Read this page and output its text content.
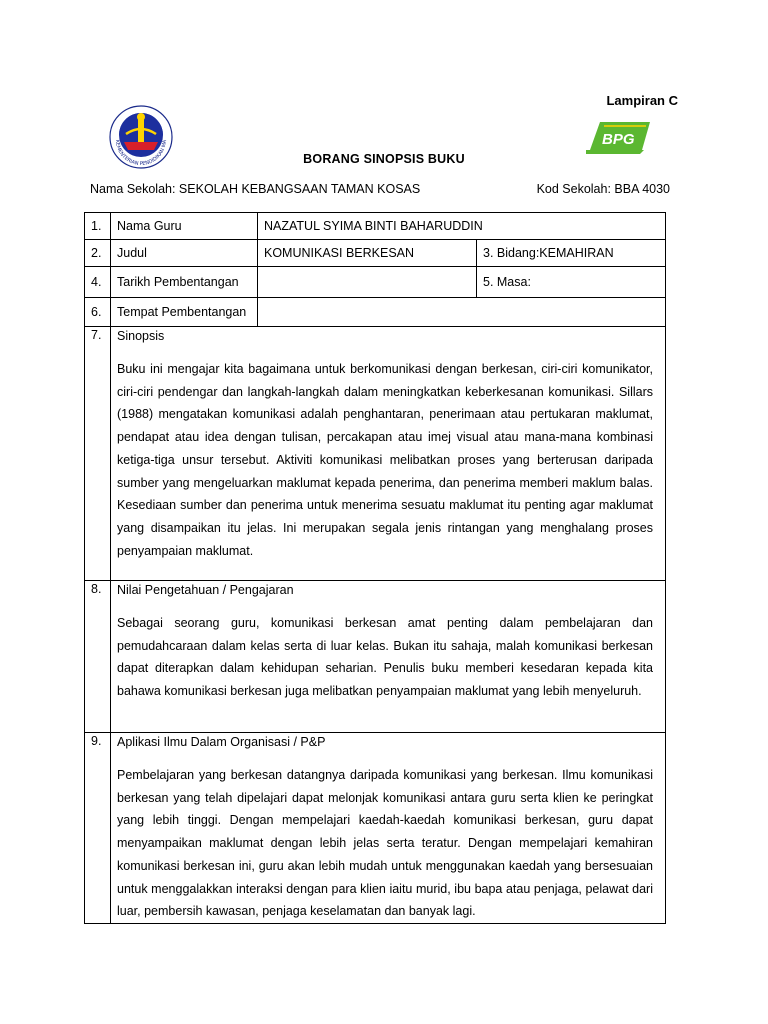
Lampiran C
KEMENTERIAN PENDIDIKAN MA	BPG
BORANG SINOPSIS BUKU
Nama Sekolah: SEKOLAH KEBANGSAAN TAMAN KOSAS	Kod Sekolah: BBA 4030
1.	Nama Guru	NAZATUL SYIMA BINTI BAHARUDDIN	
2.	Judul	KOMUNIKASI BERKESAN	3. Bidang:KEMAHIRAN
4.	Tarikh Pembentangan		5. Masa:
6.	Tempat Pembentangan		
7.	Sinopsis
Buku ini mengajar kita bagaimana untuk berkomunikasi dengan berkesan, ciri-ciri komunikator, ciri-ciri pendengar dan langkah-langkah dalam meningkatkan keberkesanan komunikasi. Sillars (1988) mengatakan komunikasi adalah penghantaran, penerimaan atau pertukaran maklumat, pendapat atau idea dengan tulisan, percakapan atau imej visual atau mana-mana kombinasi ketiga-tiga unsur tersebut. Aktiviti komunikasi melibatkan proses yang berterusan daripada sumber yang mengeluarkan maklumat kepada penerima, dan penerima memberi maklum balas. Kesediaan sumber dan penerima untuk menerima sesuatu maklumat itu penting agar maklumat yang disampaikan itu jelas. Ini merupakan segala jenis rintangan yang menghalang proses penyampaian maklumat.		

8.	Nilai Pengetahuan / Pengajaran
Sebagai seorang guru, komunikasi berkesan amat penting dalam pembelajaran dan pemudahcaraan dalam kelas serta di luar kelas. Bukan itu sahaja, malah komunikasi berkesan dapat diterapkan dalam kehidupan seharian. Penulis buku memberi kesedaran kepada kita bahawa komunikasi berkesan juga melibatkan penyampaian maklumat yang lebih menyeluruh.		

9.	Aplikasi Ilmu Dalam Organisasi / P&P
Pembelajaran yang berkesan datangnya daripada komunikasi yang berkesan. Ilmu komunikasi berkesan yang telah dipelajari dapat melonjak komunikasi antara guru serta klien ke peringkat yang lebih tinggi. Dengan mempelajari kaedah-kaedah komunikasi berkesan, guru dapat menyampaikan maklumat dengan lebih jelas serta teratur. Dengan mempelajari kemahiran komunikasi berkesan ini, guru akan lebih mudah untuk menggunakan kaedah yang bersesuaian untuk menggalakkan interaksi dengan para klien iaitu murid, ibu bapa atau penjaga, pelawat dari luar, pembersih kawasan, penjaga keselamatan dan banyak lagi.		
